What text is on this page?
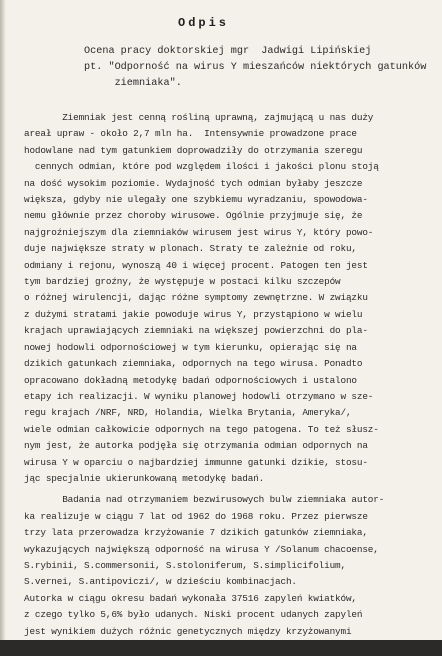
Odpis
Ocena pracy doktorskiej mgr  Jadwigi Lipińskiej
pt. "Odporność na wirus Y mieszańców niektórych gatunków
ziemniaka".
Ziemniak jest cenną rośliną uprawną, zajmującą u nas duży
areał upraw - około 2,7 mln ha.  Intensywnie prowadzone prace
hodowlane nad tym gatunkiem doprowadziły do otrzymania szeregu
cennych odmian, które pod względem ilości i jakości plonu stoją
na dość wysokim poziomie. Wydajność tych odmian byłaby jeszcze
większa, gdyby nie ulegały one szybkiemu wyradzaniu, spowodowa-
nemu głównie przez choroby wirusowe. Ogólnie przyjmuje się, że
najgroźniejszym dla ziemniaków wirusem jest wirus Y, który powo-
duje największe straty w plonach. Straty te zależnie od roku,
odmiany i rejonu, wynoszą 40 i więcej procent. Patogen ten jest
tym bardziej groźny, że występuje w postaci kilku szczepów
o różnej wirulencji, dając różne symptomy zewnętrzne. W związku
z dużymi stratami jakie powoduje wirus Y, przystąpiono w wielu
krajach uprawiających ziemniaki na większej powierzchni do pla-
nowej hodowli odpornościowej w tym kierunku, opierając się na
dzikich gatunkach ziemniaka, odpornych na tego wirusa. Ponadto
opracowano dokładną metodykę badań odpornościowych i ustalono
etapy ich realizacji. W wyniku planowej hodowli otrzymano w sze-
regu krajach /NRF, NRD, Holandia, Wielka Brytania, Ameryka/,
wiele odmian całkowicie odpornych na tego patogena. To też słusz-
nym jest, że autorka podjęła się otrzymania odmian odpornych na
wirusa Y w oparciu o najbardziej immunne gatunki dzikie, stosu-
jąc specjalnie ukierunkowaną metodykę badań.
Badania nad otrzymaniem bezwirusowych bulw ziemniaka autor-
ka realizuje w ciągu 7 lat od 1962 do 1968 roku. Przez pierwsze
trzy lata przerowadza krzyżowanie 7 dzikich gatunków ziemniaka,
wykazujących największą odporność na wirusa Y /Solanum chacoense,
S.rybinii, S.commersonii, S.stoloniferum, S.simplicifolium,
S.vernei, S.antipoviczi/, w dzieściu kombinacjach.
Autorka w ciągu okresu badań wykonała 37516 zapyleń kwiatków,
z czego tylko 5,6% było udanych. Niski procent udanych zapyleń
jest wynikiem dużych różnic genetycznych między krzyżowanymi
gatunkami. Z otrzymanych 150366 nasion wyrosło tylko 5200 siewek
